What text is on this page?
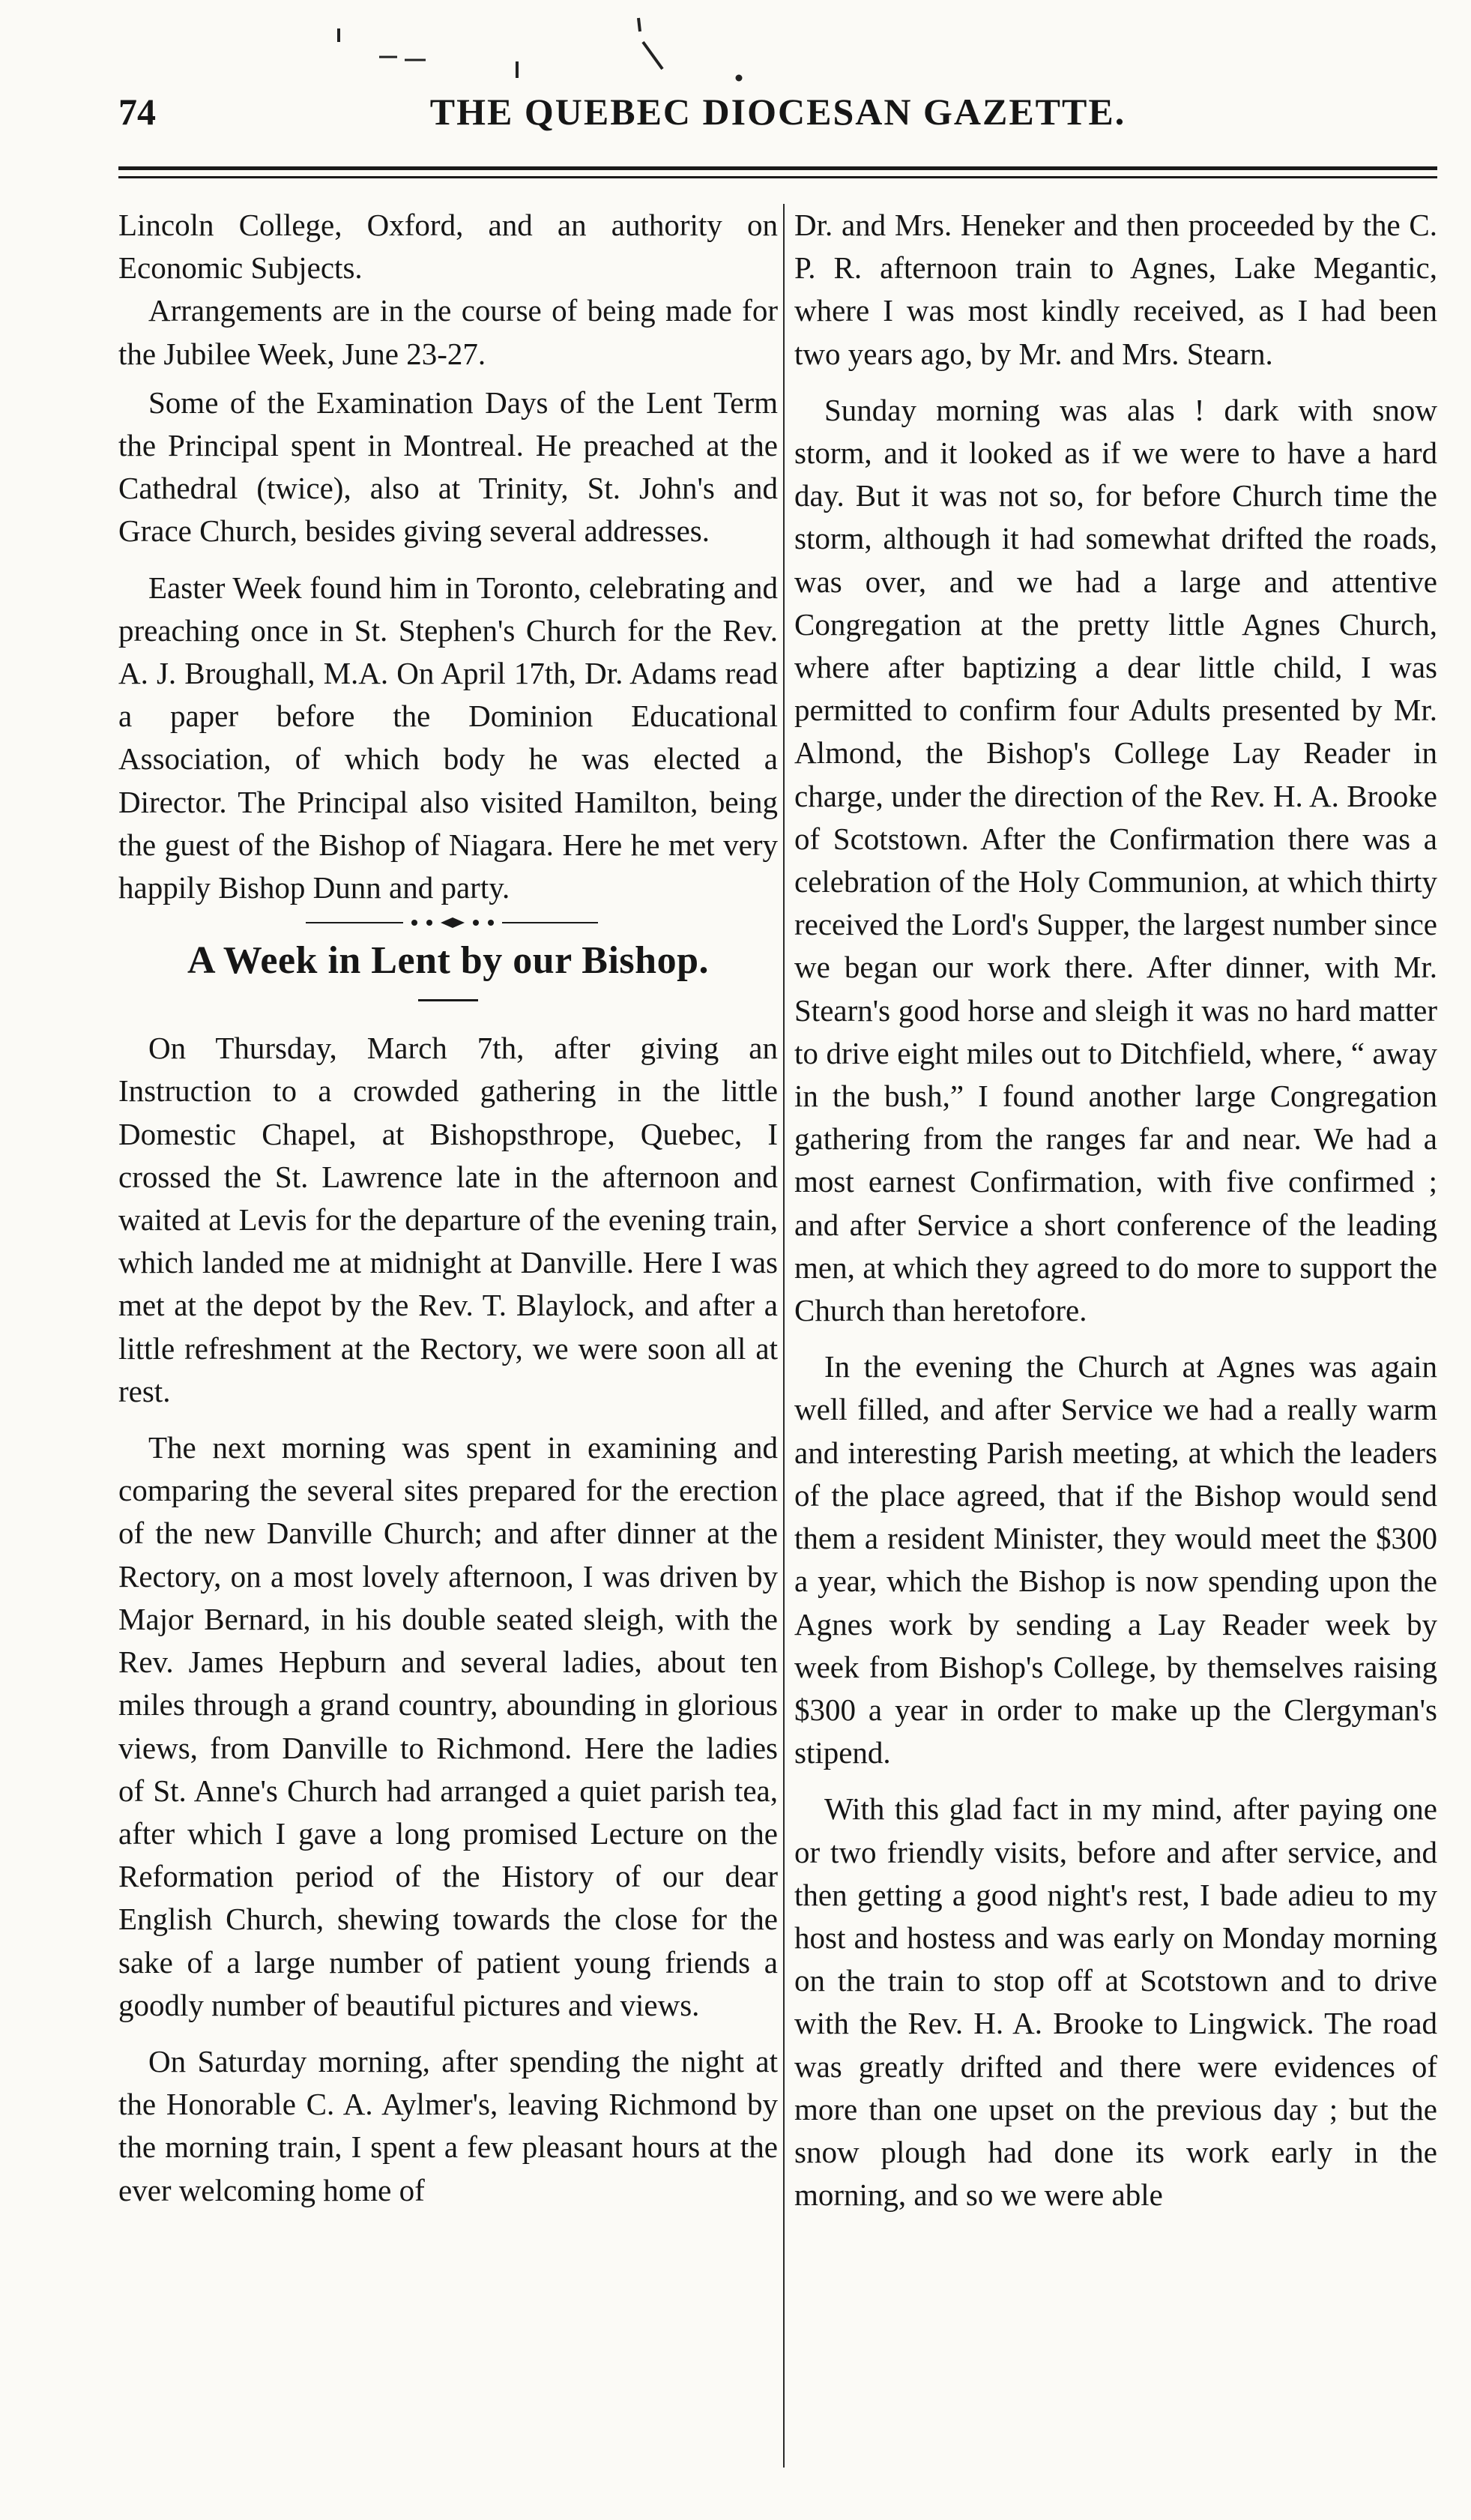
74	THE QUEBEC DIOCESAN GAZETTE.

Lincoln College, Oxford, and an authority on Economic Subjects.

Arrangements are in the course of being made for the Jubilee Week, June 23-27.

Some of the Examination Days of the Lent Term the Principal spent in Montreal. He preached at the Cathedral (twice), also at Trinity, St. John's and Grace Church, besides giving several addresses.

Easter Week found him in Toronto, celebrating and preaching once in St. Stephen's Church for the Rev. A. J. Broughall, M.A. On April 17th, Dr. Adams read a paper before the Dominion Educational Association, of which body he was elected a Director. The Principal also visited Hamilton, being the guest of the Bishop of Niagara. Here he met very happily Bishop Dunn and party.

A Week in Lent by our Bishop.

On Thursday, March 7th, after giving an Instruction to a crowded gathering in the little Domestic Chapel, at Bishopsthrope, Quebec, I crossed the St. Lawrence late in the afternoon and waited at Levis for the departure of the evening train, which landed me at midnight at Danville. Here I was met at the depot by the Rev. T. Blaylock, and after a little refreshment at the Rectory, we were soon all at rest.

The next morning was spent in examining and comparing the several sites prepared for the erection of the new Danville Church; and after dinner at the Rectory, on a most lovely afternoon, I was driven by Major Bernard, in his double seated sleigh, with the Rev. James Hepburn and several ladies, about ten miles through a grand country, abounding in glorious views, from Danville to Richmond. Here the ladies of St. Anne's Church had arranged a quiet parish tea, after which I gave a long promised Lecture on the Reformation period of the History of our dear English Church, shewing towards the close for the sake of a large number of patient young friends a goodly number of beautiful pictures and views.

On Saturday morning, after spending the night at the Honorable C. A. Aylmer's, leaving Richmond by the morning train, I spent a few pleasant hours at the ever welcoming home of

Dr. and Mrs. Heneker and then proceeded by the C. P. R. afternoon train to Agnes, Lake Megantic, where I was most kindly received, as I had been two years ago, by Mr. and Mrs. Stearn.

Sunday morning was alas ! dark with snow storm, and it looked as if we were to have a hard day. But it was not so, for before Church time the storm, although it had somewhat drifted the roads, was over, and we had a large and attentive Congregation at the pretty little Agnes Church, where after baptizing a dear little child, I was permitted to confirm four Adults presented by Mr. Almond, the Bishop's College Lay Reader in charge, under the direction of the Rev. H. A. Brooke of Scotstown. After the Confirmation there was a celebration of the Holy Communion, at which thirty received the Lord's Supper, the largest number since we began our work there. After dinner, with Mr. Stearn's good horse and sleigh it was no hard matter to drive eight miles out to Ditchfield, where, “ away in the bush,” I found another large Congregation gathering from the ranges far and near. We had a most earnest Confirmation, with five confirmed ; and after Service a short conference of the leading men, at which they agreed to do more to support the Church than heretofore.

In the evening the Church at Agnes was again well filled, and after Service we had a really warm and interesting Parish meeting, at which the leaders of the place agreed, that if the Bishop would send them a resident Minister, they would meet the $300 a year, which the Bishop is now spending upon the Agnes work by sending a Lay Reader week by week from Bishop's College, by themselves raising $300 a year in order to make up the Clergyman's stipend.

With this glad fact in my mind, after paying one or two friendly visits, before and after service, and then getting a good night's rest, I bade adieu to my host and hostess and was early on Monday morning on the train to stop off at Scotstown and to drive with the Rev. H. A. Brooke to Lingwick. The road was greatly drifted and there were evidences of more than one upset on the previous day ; but the snow plough had done its work early in the morning, and so we were able
